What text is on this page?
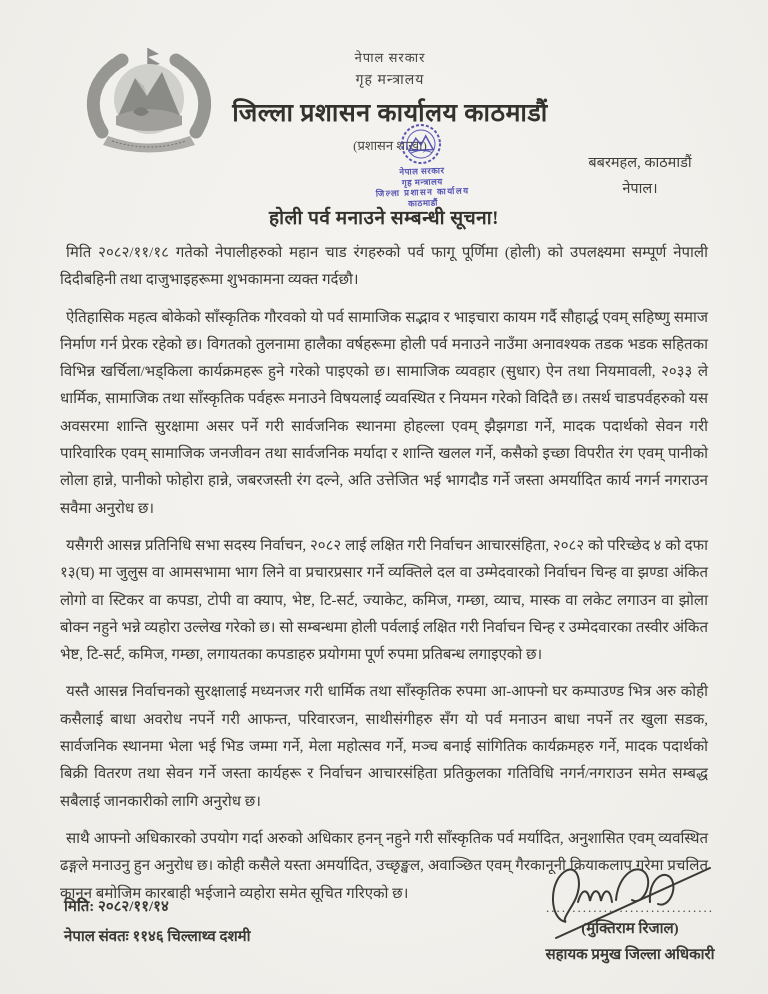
नेपाल सरकार
गृह मन्त्रालय
जिल्ला प्रशासन कार्यालय काठमाडौं
(प्रशासन शाखा)
नेपाल सरकार
गृह मन्त्रालय
जिल्ला प्रशासन कार्यालय
काठमाडौं
बबरमहल, काठमाडौं
नेपाल।
होली पर्व मनाउने सम्बन्धी सूचना!

मिति २०८२/११/१८ गतेको नेपालीहरुको महान चाड रंगहरुको पर्व फागू पूर्णिमा (होली) को उपलक्ष्यमा सम्पूर्ण नेपाली दिदीबहिनी तथा दाजुभाइहरूमा शुभकामना व्यक्त गर्दछौ।

ऐतिहासिक महत्व बोकेको साँस्कृतिक गौरवको यो पर्व सामाजिक सद्भाव र भाइचारा कायम गर्दै सौहार्द्ध एवम् सहिष्णु समाज निर्माण गर्न प्रेरक रहेको छ। विगतको तुलनामा हालैका वर्षहरूमा होली पर्व मनाउने नाउँमा अनावश्यक तडक भडक सहितका विभिन्न खर्चिला/भड्किला कार्यक्रमहरू हुने गरेको पाइएको छ। सामाजिक व्यवहार (सुधार) ऐन तथा नियमावली, २०३३ ले धार्मिक, सामाजिक तथा साँस्कृतिक पर्वहरू मनाउने विषयलाई व्यवस्थित र नियमन गरेको विदितै छ। तसर्थ चाडपर्वहरुको यस अवसरमा शान्ति सुरक्षामा असर पर्ने गरी सार्वजनिक स्थानमा होहल्ला एवम् झैझगडा गर्ने, मादक पदार्थको सेवन गरी पारिवारिक एवम् सामाजिक जनजीवन तथा सार्वजनिक मर्यादा र शान्ति खलल गर्ने, कसैको इच्छा विपरीत रंग एवम् पानीको लोला हान्ने, पानीको फोहोरा हान्ने, जबरजस्ती रंग दल्ने, अति उत्तेजित भई भागदौड गर्ने जस्ता अमर्यादित कार्य नगर्न नगराउन सवैमा अनुरोध छ।

यसैगरी आसन्न प्रतिनिधि सभा सदस्य निर्वाचन, २०८२ लाई लक्षित गरी निर्वाचन आचारसंहिता, २०८२ को परिच्छेद ४ को दफा १३(घ) मा जुलुस वा आमसभामा भाग लिने वा प्रचारप्रसार गर्ने व्यक्तिले दल वा उम्मेदवारको निर्वाचन चिन्ह वा झण्डा अंकित लोगो वा स्टिकर वा कपडा, टोपी वा क्याप, भेष्ट, टि-सर्ट, ज्याकेट, कमिज, गम्छा, व्याच, मास्क वा लकेट लगाउन वा झोला बोक्न नहुने भन्ने व्यहोरा उल्लेख गरेको छ। सो सम्बन्धमा होली पर्वलाई लक्षित गरी निर्वाचन चिन्ह र उम्मेदवारका तस्वीर अंकित भेष्ट, टि-सर्ट, कमिज, गम्छा, लगायतका कपडाहरु प्रयोगमा पूर्ण रुपमा प्रतिबन्ध लगाइएको छ।

यस्तै आसन्न निर्वाचनको सुरक्षालाई मध्यनजर गरी धार्मिक तथा साँस्कृतिक रुपमा आ-आफ्नो घर कम्पाउण्ड भित्र अरु कोही कसैलाई बाधा अवरोध नपर्ने गरी आफन्त, परिवारजन, साथीसंगीहरु सँग यो पर्व मनाउन बाधा नपर्ने तर खुला सडक, सार्वजनिक स्थानमा भेला भई भिड जम्मा गर्ने, मेला महोत्सव गर्ने, मञ्च बनाई सांगितिक कार्यक्रमहरु गर्ने, मादक पदार्थको बिक्री वितरण तथा सेवन गर्ने जस्ता कार्यहरू र निर्वाचन आचारसंहिता प्रतिकुलका गतिविधि नगर्न/नगराउन समेत सम्बद्ध सबैलाई जानकारीको लागि अनुरोध छ।

साथै आफ्नो अधिकारको उपयोग गर्दा अरुको अधिकार हनन् नहुने गरी साँस्कृतिक पर्व मर्यादित, अनुशासित एवम् व्यवस्थित ढङ्गले मनाउनु हुन अनुरोध छ। कोही कसैले यस्ता अमर्यादित, उच्छृङ्खल, अवाञ्छित एवम् गैरकानूनी क्रियाकलाप गरेमा प्रचलित कानून बमोजिम कारबाही भईजाने व्यहोरा समेत सूचित गरिएको छ।

मिति: २०८२/११/१४
नेपाल संवतः ११४६ चिल्लाथ्व दशमी
................................
(मुक्तिराम रिजाल)
सहायक प्रमुख जिल्ला अधिकारी
